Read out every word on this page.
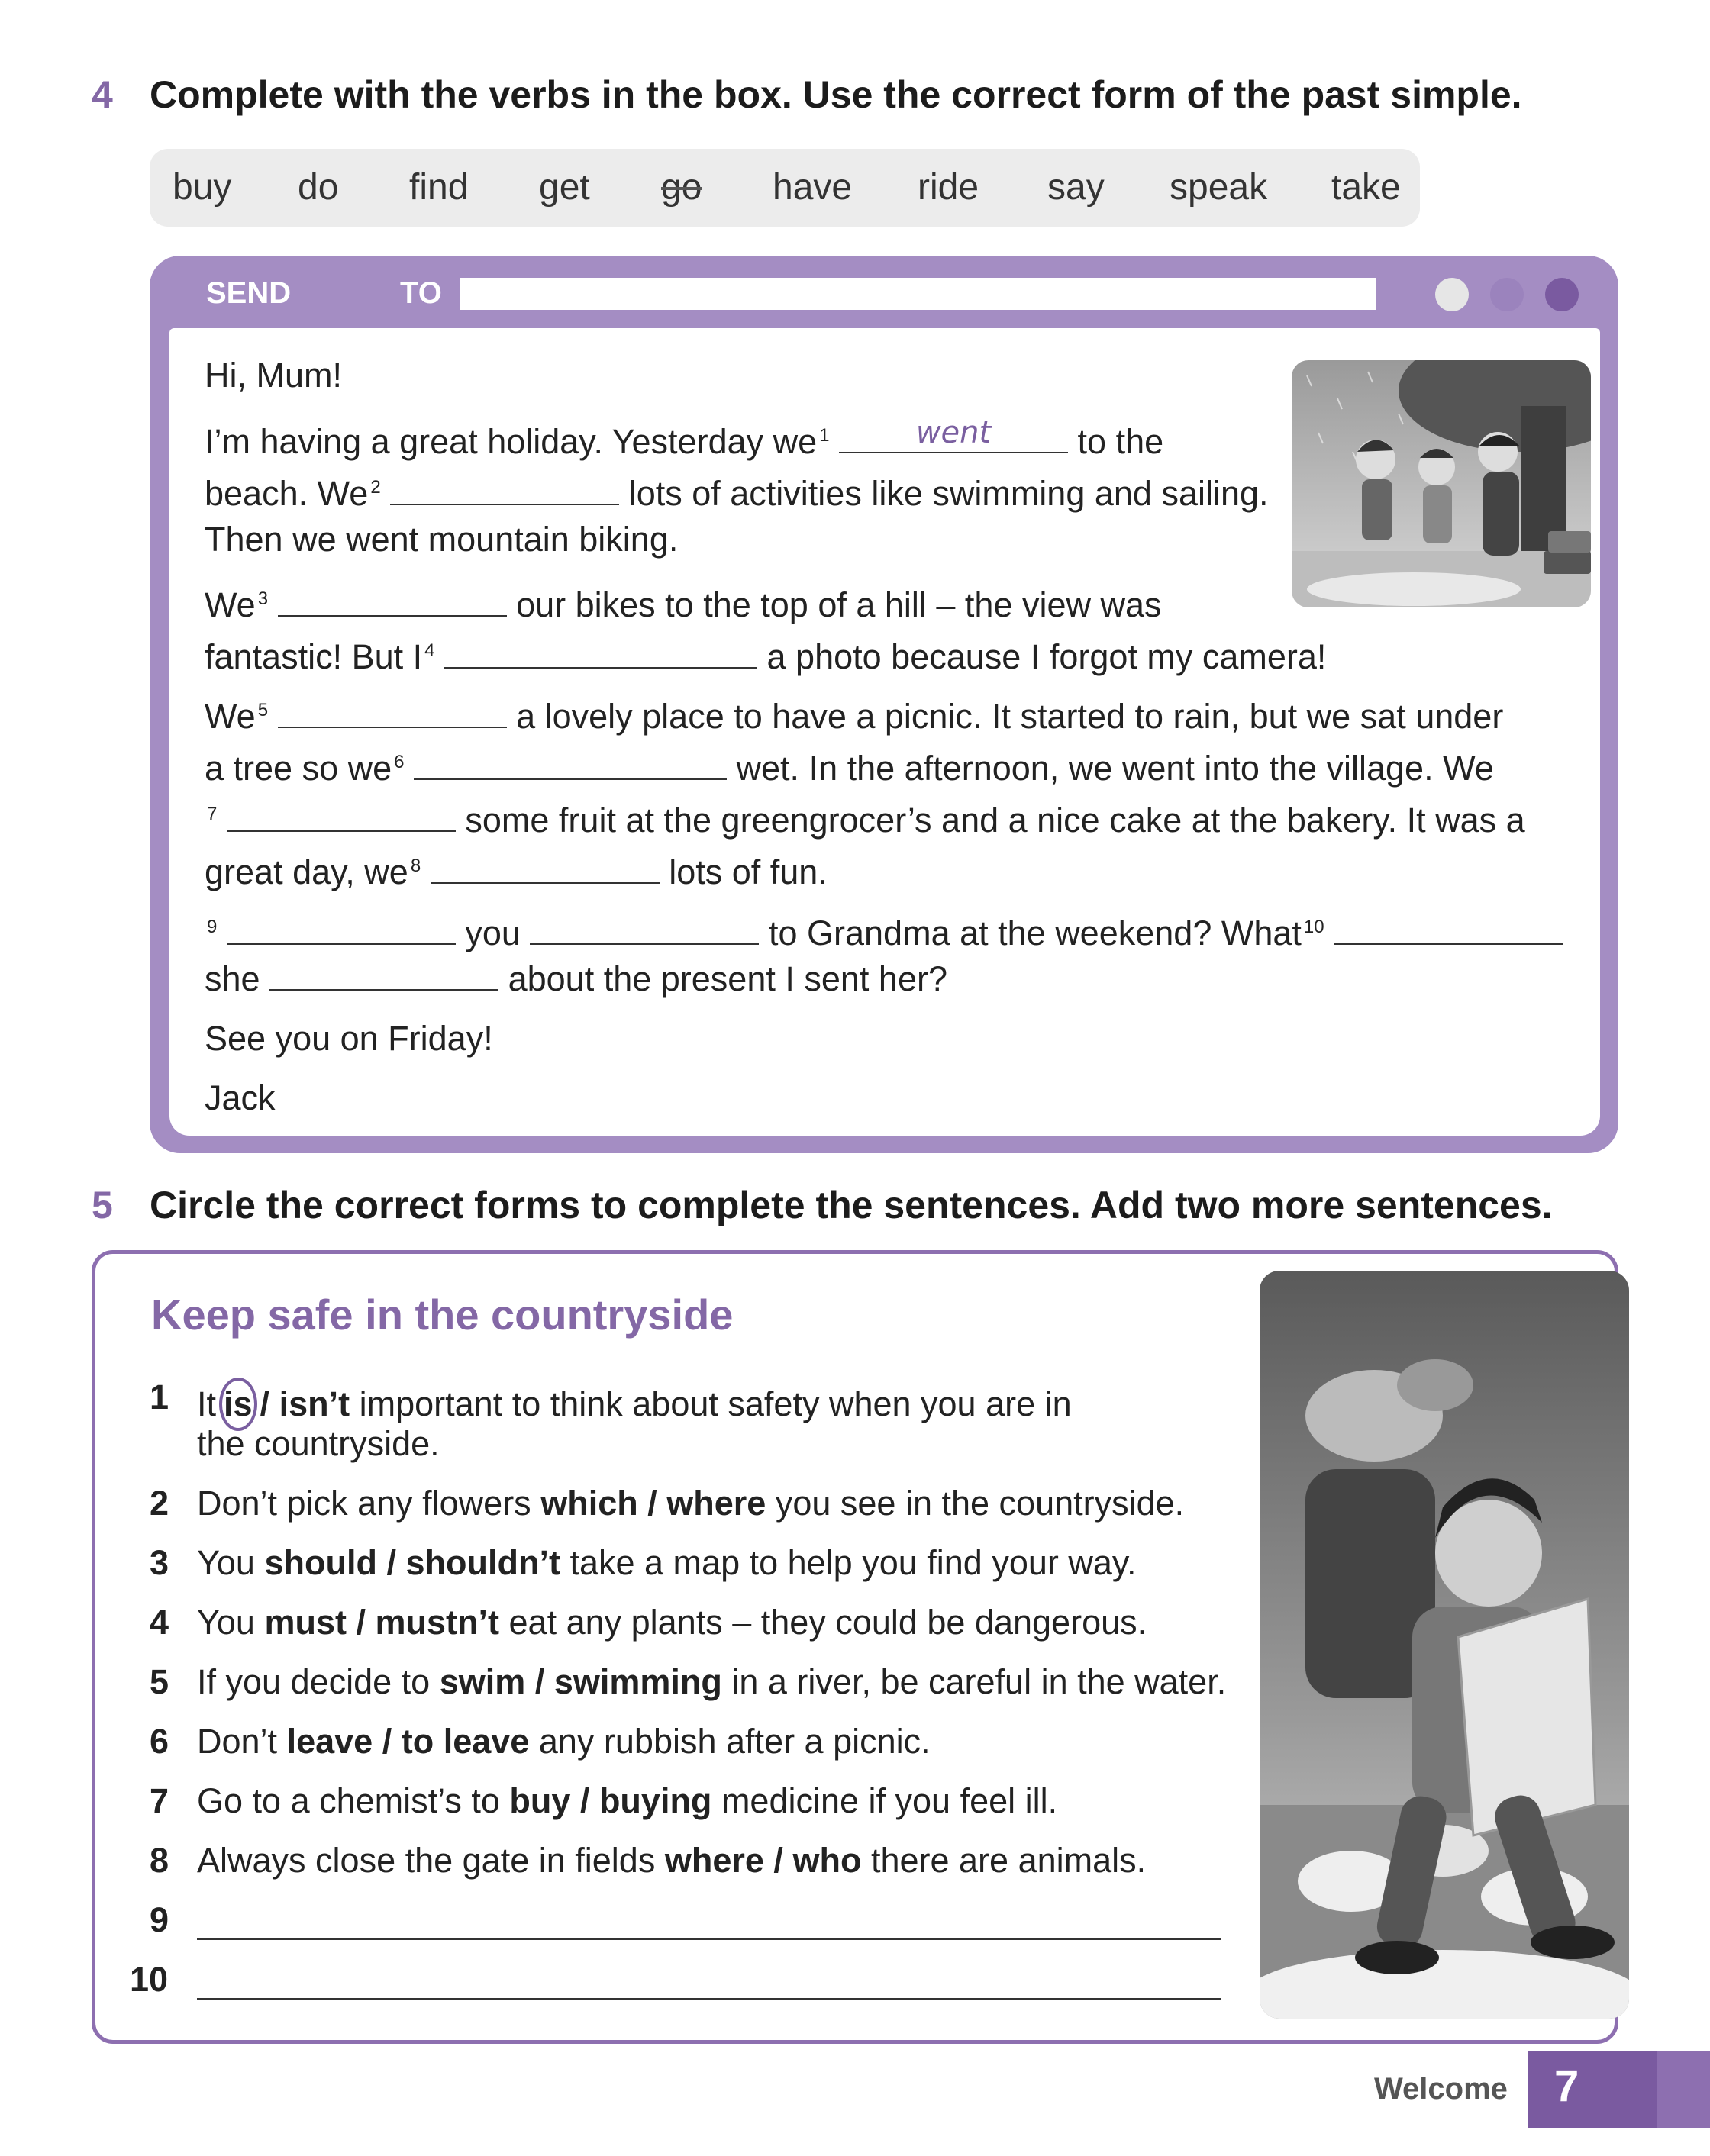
4 Complete with the verbs in the box. Use the correct form of the past simple.
buy do find get go have ride say speak take
SEND	TO
Hi, Mum!
I’m having a great holiday. Yesterday we $^1$	went	to the
beach. We $^2$	lots of activities like swimming and sailing.
Then we went mountain biking.
We $^3$	our bikes to the top of a hill – the view was
fantastic! But I $^4$	a photo because I forgot my camera!
We $^5$	a lovely place to have a picnic. It started to rain, but we sat under
a tree so we $^6$	wet. In the afternoon, we went into the village. We
$^7$	some fruit at the greengrocer’s and a nice cake at the bakery. It was a
great day, we $^8$	lots of fun.
$^9$	you	to Grandma at the weekend? What $^{10}$
she	about the present I sent her?
See you on Friday!
Jack
5 Circle the correct forms to complete the sentences. Add two more sentences.
Keep safe in the countryside
1 It is / isn’t important to think about safety when you are in
the countryside.
2 Don’t pick any flowers which / where you see in the countryside.
3 You should / shouldn’t take a map to help you find your way.
4 You must / mustn’t eat any plants – they could be dangerous.
5 If you decide to swim / swimming in a river, be careful in the water.
6 Don’t leave / to leave any rubbish after a picnic.
7 Go to a chemist’s to buy / buying medicine if you feel ill.
8 Always close the gate in fields where / who there are animals.
9
10
Welcome 7
